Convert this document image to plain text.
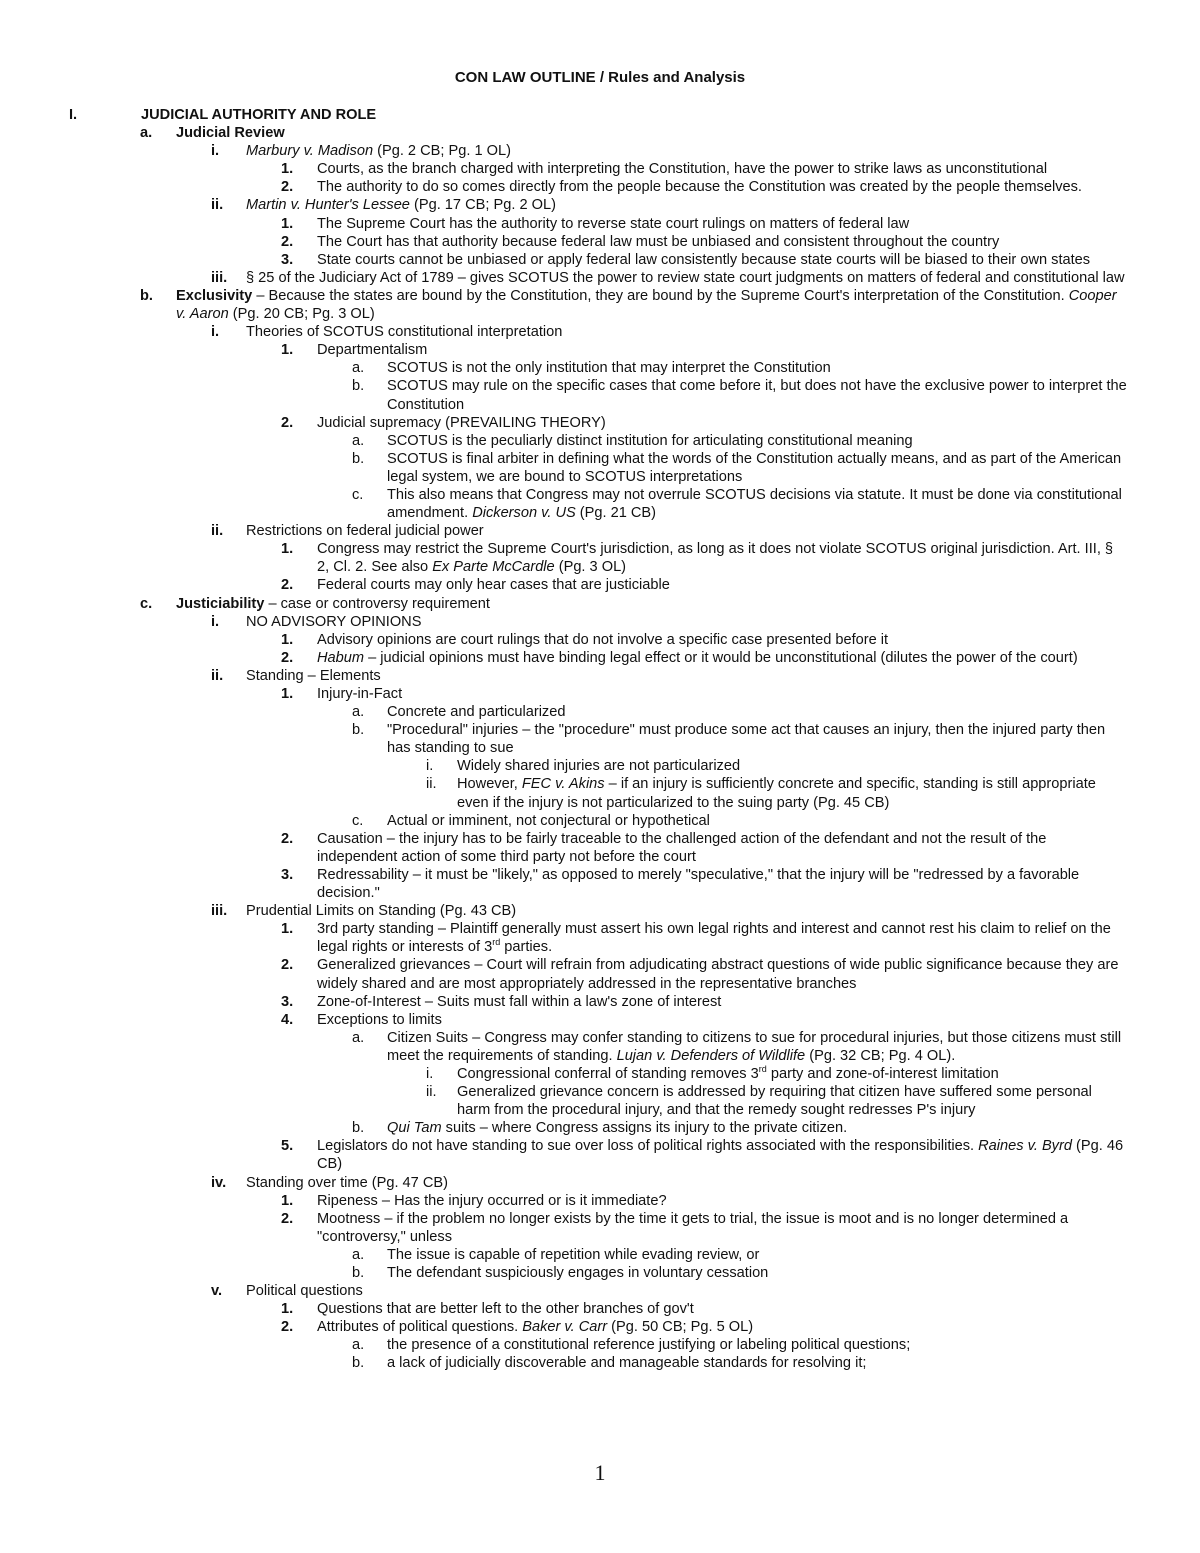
CON LAW OUTLINE / Rules and Analysis
I.	JUDICIAL AUTHORITY AND ROLE
a. Judicial Review
i. Marbury v. Madison (Pg. 2 CB; Pg. 1 OL)
1. Courts, as the branch charged with interpreting the Constitution, have the power to strike laws as unconstitutional
2. The authority to do so comes directly from the people because the Constitution was created by the people themselves.
ii. Martin v. Hunter's Lessee (Pg. 17 CB; Pg. 2 OL)
1. The Supreme Court has the authority to reverse state court rulings on matters of federal law
2. The Court has that authority because federal law must be unbiased and consistent throughout the country
3. State courts cannot be unbiased or apply federal law consistently because state courts will be biased to their own states
iii. § 25 of the Judiciary Act of 1789 – gives SCOTUS the power to review state court judgments on matters of federal and constitutional law
b. Exclusivity – Because the states are bound by the Constitution, they are bound by the Supreme Court's interpretation of the Constitution. Cooper v. Aaron (Pg. 20 CB; Pg. 3 OL)
i. Theories of SCOTUS constitutional interpretation
1. Departmentalism
a. SCOTUS is not the only institution that may interpret the Constitution
b. SCOTUS may rule on the specific cases that come before it, but does not have the exclusive power to interpret the Constitution
2. Judicial supremacy (PREVAILING THEORY)
a. SCOTUS is the peculiarly distinct institution for articulating constitutional meaning
b. SCOTUS is final arbiter in defining what the words of the Constitution actually means, and as part of the American legal system, we are bound to SCOTUS interpretations
c. This also means that Congress may not overrule SCOTUS decisions via statute. It must be done via constitutional amendment. Dickerson v. US (Pg. 21 CB)
ii. Restrictions on federal judicial power
1. Congress may restrict the Supreme Court's jurisdiction, as long as it does not violate SCOTUS original jurisdiction. Art. III, § 2, Cl. 2. See also Ex Parte McCardle (Pg. 3 OL)
2. Federal courts may only hear cases that are justiciable
c. Justiciability – case or controversy requirement
i. NO ADVISORY OPINIONS
1. Advisory opinions are court rulings that do not involve a specific case presented before it
2. Habum – judicial opinions must have binding legal effect or it would be unconstitutional (dilutes the power of the court)
ii. Standing – Elements
1. Injury-in-Fact
a. Concrete and particularized
b. "Procedural" injuries – the "procedure" must produce some act that causes an injury, then the injured party then has standing to sue
i. Widely shared injuries are not particularized
ii. However, FEC v. Akins – if an injury is sufficiently concrete and specific, standing is still appropriate even if the injury is not particularized to the suing party (Pg. 45 CB)
c. Actual or imminent, not conjectural or hypothetical
2. Causation – the injury has to be fairly traceable to the challenged action of the defendant and not the result of the independent action of some third party not before the court
3. Redressability – it must be "likely," as opposed to merely "speculative," that the injury will be "redressed by a favorable decision."
iii. Prudential Limits on Standing (Pg. 43 CB)
1. 3rd party standing – Plaintiff generally must assert his own legal rights and interest and cannot rest his claim to relief on the legal rights or interests of 3rd parties.
2. Generalized grievances – Court will refrain from adjudicating abstract questions of wide public significance because they are widely shared and are most appropriately addressed in the representative branches
3. Zone-of-Interest – Suits must fall within a law's zone of interest
4. Exceptions to limits
a. Citizen Suits – Congress may confer standing to citizens to sue for procedural injuries, but those citizens must still meet the requirements of standing. Lujan v. Defenders of Wildlife (Pg. 32 CB; Pg. 4 OL).
i. Congressional conferral of standing removes 3rd party and zone-of-interest limitation
ii. Generalized grievance concern is addressed by requiring that citizen have suffered some personal harm from the procedural injury, and that the remedy sought redresses P's injury
b. Qui Tam suits – where Congress assigns its injury to the private citizen.
5. Legislators do not have standing to sue over loss of political rights associated with the responsibilities. Raines v. Byrd (Pg. 46 CB)
iv. Standing over time (Pg. 47 CB)
1. Ripeness – Has the injury occurred or is it immediate?
2. Mootness – if the problem no longer exists by the time it gets to trial, the issue is moot and is no longer determined a "controversy," unless
a. The issue is capable of repetition while evading review, or
b. The defendant suspiciously engages in voluntary cessation
v. Political questions
1. Questions that are better left to the other branches of gov't
2. Attributes of political questions. Baker v. Carr (Pg. 50 CB; Pg. 5 OL)
a. the presence of a constitutional reference justifying or labeling political questions;
b. a lack of judicially discoverable and manageable standards for resolving it;
1
